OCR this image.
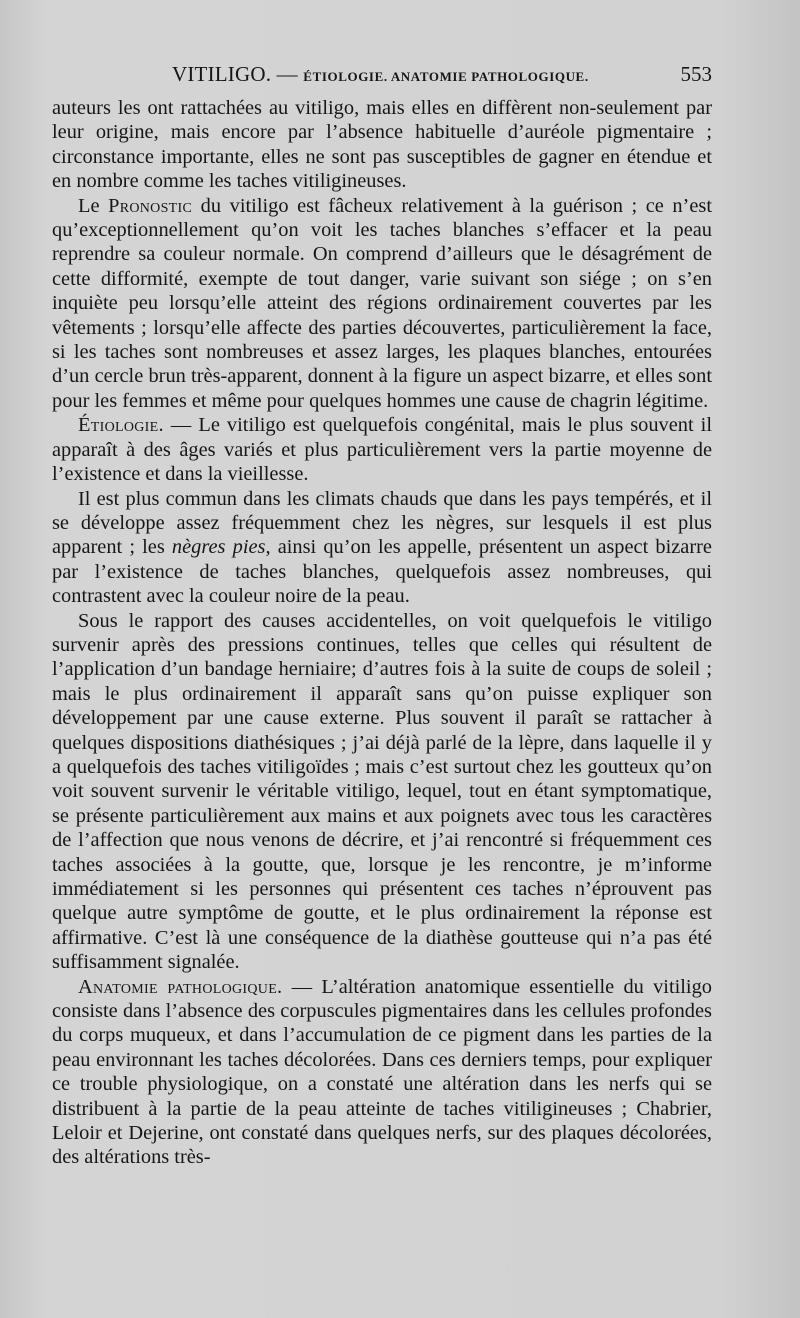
VITILIGO. — ÉTIOLOGIE. ANATOMIE PATHOLOGIQUE.	553

auteurs les ont rattachées au vitiligo, mais elles en diffèrent non-seulement par leur origine, mais encore par l’absence habituelle d’auréole pigmentaire ; circonstance importante, elles ne sont pas susceptibles de gagner en étendue et en nombre comme les taches vitiligineuses.

Le Pronostic du vitiligo est fâcheux relativement à la guérison ; ce n’est qu’exceptionnellement qu’on voit les taches blanches s’effacer et la peau reprendre sa couleur normale. On comprend d’ailleurs que le désagrément de cette difformité, exempte de tout danger, varie suivant son siége ; on s’en inquiète peu lorsqu’elle atteint des régions ordinairement couvertes par les vêtements ; lorsqu’elle affecte des parties découvertes, particulièrement la face, si les taches sont nombreuses et assez larges, les plaques blanches, entourées d’un cercle brun très-apparent, donnent à la figure un aspect bizarre, et elles sont pour les femmes et même pour quelques hommes une cause de chagrin légitime.

Étiologie. — Le vitiligo est quelquefois congénital, mais le plus souvent il apparaît à des âges variés et plus particulièrement vers la partie moyenne de l’existence et dans la vieillesse.

Il est plus commun dans les climats chauds que dans les pays tempérés, et il se développe assez fréquemment chez les nègres, sur lesquels il est plus apparent ; les nègres pies, ainsi qu’on les appelle, présentent un aspect bizarre par l’existence de taches blanches, quelquefois assez nombreuses, qui contrastent avec la couleur noire de la peau.

Sous le rapport des causes accidentelles, on voit quelquefois le vitiligo survenir après des pressions continues, telles que celles qui résultent de l’application d’un bandage herniaire; d’autres fois à la suite de coups de soleil ; mais le plus ordinairement il apparaît sans qu’on puisse expliquer son développement par une cause externe. Plus souvent il paraît se rattacher à quelques dispositions diathésiques ; j’ai déjà parlé de la lèpre, dans laquelle il y a quelquefois des taches vitiligoïdes ; mais c’est surtout chez les goutteux qu’on voit souvent survenir le véritable vitiligo, lequel, tout en étant symptomatique, se présente particulièrement aux mains et aux poignets avec tous les caractères de l’affection que nous venons de décrire, et j’ai rencontré si fréquemment ces taches associées à la goutte, que, lorsque je les rencontre, je m’informe immédiatement si les personnes qui présentent ces taches n’éprouvent pas quelque autre symptôme de goutte, et le plus ordinairement la réponse est affirmative. C’est là une conséquence de la diathèse goutteuse qui n’a pas été suffisamment signalée.

Anatomie pathologique. — L’altération anatomique essentielle du vitiligo consiste dans l’absence des corpuscules pigmentaires dans les cellules profondes du corps muqueux, et dans l’accumulation de ce pigment dans les parties de la peau environnant les taches décolorées. Dans ces derniers temps, pour expliquer ce trouble physiologique, on a constaté une altération dans les nerfs qui se distribuent à la partie de la peau atteinte de taches vitiligineuses ; Chabrier, Leloir et Dejerine, ont constaté dans quelques nerfs, sur des plaques décolorées, des altérations très-
